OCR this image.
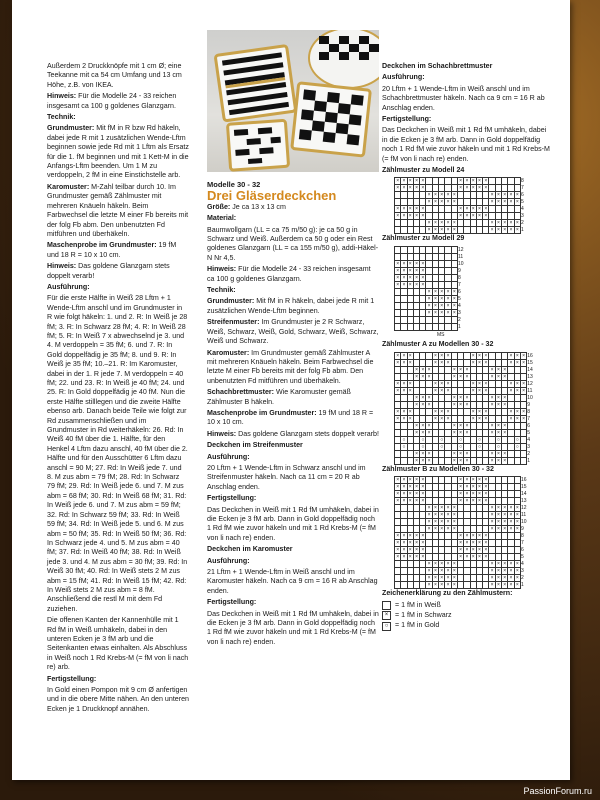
Außerdem 2 Druckknöpfe mit 1 cm Ø; eine Teekanne mit ca 54 cm Umfang und 13 cm Höhe, z.B. von IKEA.

Hinweis: Für die Modelle 24 - 33 reichen insgesamt ca 100 g goldenes Glanzgarn.

Technik:

Grundmuster: Mit fM in R bzw Rd häkeln, dabei jede R mit 1 zusätzlichen Wende-Lftm beginnen sowie jede Rd mit 1 Lftm als Ersatz für die 1. fM beginnen und mit 1 Kett-M in die Anfangs-Lftm beenden. Um 1 M zu verdoppeln, 2 fM in eine Einstichstelle arb.

Karomuster: M-Zahl teilbar durch 10. Im Grundmuster gemäß Zählmuster mit mehreren Knäueln häkeln. Beim Farbwechsel die letzte M einer Fb bereits mit der folg Fb abm. Den unbenutzten Fd mitführen und überhäkeln.

Maschenprobe im Grundmuster: 19 fM und 18 R = 10 x 10 cm.

Hinweis: Das goldene Glanzgarn stets doppelt verarb!

Ausführung:

Für die erste Hälfte in Weiß 28 Lftm + 1 Wende-Lftm anschl und im Grundmuster in R wie folgt häkeln: 1. und 2. R: In Weiß je 28 fM; 3. R: In Schwarz 28 fM; 4. R: In Weiß 28 fM; 5. R: In Weiß 7 x abwechselnd je 3. und 4. M verdoppeln = 35 fM; 6. und 7. R: In Gold doppelfädig je 35 fM; 8. und 9. R: In Weiß je 35 fM; 10.–21. R: Im Karomuster, dabei in der 1. R jede 7. M verdoppeln = 40 fM; 22. und 23. R: In Weiß je 40 fM; 24. und 25. R: In Gold doppelfädig je 40 fM. Nun die erste Hälfte stilllegen und die zweite Hälfte ebenso arb. Danach beide Teile wie folgt zur Rd zusammenschließen und im Grundmuster in Rd weiterhäkeln: 26. Rd: In Weiß 40 fM über die 1. Hälfte, für den Henkel 4 Lftm dazu anschl, 40 fM über die 2. Hälfte und für den Ausschütter 6 Lftm dazu anschl = 90 M; 27. Rd: In Weiß jede 7. und 8. M zus abm = 79 fM; 28. Rd: In Schwarz 79 fM; 29. Rd: In Weiß jede 6. und 7. M zus abm = 68 fM; 30. Rd: In Weiß 68 fM; 31. Rd: In Weiß jede 6. und 7. M zus abm = 59 fM; 32. Rd: In Schwarz 59 fM; 33. Rd: In Weiß 59 fM; 34. Rd: In Weiß jede 5. und 6. M zus abm = 50 fM; 35. Rd: In Weiß 50 fM; 36. Rd: In Schwarz jede 4. und 5. M zus abm = 40 fM; 37. Rd: In Weiß 40 fM; 38. Rd: In Weiß jede 3. und 4. M zus abm = 30 fM; 39. Rd: In Weiß 30 fM; 40. Rd: In Weiß stets 2 M zus abm = 15 fM; 41. Rd: In Weiß 15 fM; 42. Rd: In Weiß stets 2 M zus abm = 8 fM. Anschließend die restl M mit dem Fd zuziehen.

Die offenen Kanten der Kannenhülle mit 1 Rd fM in Weiß umhäkeln, dabei in den unteren Ecken je 3 fM arb und die Seitenkanten etwas einhalten. Als Abschluss in Weiß noch 1 Rd Krebs-M (= fM von li nach re) arb.

Fertigstellung:

In Gold einen Pompon mit 9 cm Ø anfertigen und in die obere Mitte nähen. An den unteren Ecken je 1 Druckknopf annähen.

Modelle 30 - 32

Drei Gläserdeckchen

Größe: Je ca 13 x 13 cm

Material:

Baumwollgarn (LL = ca 75 m/50 g): je ca 50 g in Schwarz und Weiß. Außerdem ca 50 g oder ein Rest goldenes Glanzgarn (LL = ca 155 m/50 g), addi-Häkel-N Nr 4,5.

Hinweis: Für die Modelle 24 - 33 reichen insgesamt ca 100 g goldenes Glanzgarn.

Technik:

Grundmuster: Mit fM in R häkeln, dabei jede R mit 1 zusätzlichen Wende-Lftm beginnen.

Streifenmuster: Im Grundmuster je 2 R Schwarz, Weiß, Schwarz, Weiß, Gold, Schwarz, Weiß, Schwarz, Weiß und Schwarz.

Karomuster: Im Grundmuster gemäß Zählmuster A mit mehreren Knäueln häkeln. Beim Farbwechsel die letzte M einer Fb bereits mit der folg Fb abm. Den unbenutzten Fd mitführen und überhäkeln.

Schachbrettmuster: Wie Karomuster gemäß Zählmuster B häkeln.

Maschenprobe im Grundmuster: 19 fM und 18 R = 10 x 10 cm.

Hinweis: Das goldene Glanzgarn stets doppelt verarb!

Deckchen im Streifenmuster

Ausführung:

20 Lftm + 1 Wende-Lftm in Schwarz anschl und im Streifenmuster häkeln. Nach ca 11 cm = 20 R ab Anschlag enden.

Fertigstellung:

Das Deckchen in Weiß mit 1 Rd fM umhäkeln, dabei in die Ecken je 3 fM arb. Dann in Gold doppelfädig noch 1 Rd fM wie zuvor häkeln und mit 1 Rd Krebs-M (= fM von li nach re) enden.

Deckchen im Karomuster

Ausführung:

21 Lftm + 1 Wende-Lftm in Weiß anschl und im Karomuster häkeln. Nach ca 9 cm = 16 R ab Anschlag enden.

Fertigstellung:

Das Deckchen in Weiß mit 1 Rd fM umhäkeln, dabei in die Ecken je 3 fM arb. Dann in Gold doppelfädig noch 1 Rd fM wie zuvor häkeln und mit 1 Rd Krebs-M (= fM von li nach re) enden.

Deckchen im Schachbrettmuster

Ausführung:

20 Lftm + 1 Wende-Lftm in Weiß anschl und im Schachbrettmuster häkeln. Nach ca 9 cm = 16 R ab Anschlag enden.

Fertigstellung:

Das Deckchen in Weiß mit 1 Rd fM umhäkeln, dabei in die Ecken je 3 fM arb. Dann in Gold doppelfädig noch 1 Rd fM wie zuvor häkeln und mit 1 Rd Krebs-M (= fM von li nach re) enden.

Zählmuster zu Modell 24

×	×	×	×	×						×	×	×	×	×						8
×	×	×	×	×						×	×	×	×	×						7
					×	×	×	×	×						×	×	×	×	×	6
					×	×	×	×	×						×	×	×	×	×	5
×	×	×	×	×						×	×	×	×	×						4
×	×	×	×	×						×	×	×	×	×						3
					×	×	×	×	×						×	×	×	×	×	2
					×	×	×	×	×						×	×	×	×	×	1

Zählmuster zu Modell 29

										12
										11
×	×	×	×	×						10
×	×	×	×	×						9
×	×	×	×	×						8
×	×	×	×	×						7
					×	×	×	×	×	6
					×	×	×	×	×	5
					×	×	×	×	×	4
					×	×	×	×	×	3
										2
										1
MS

Zählmuster A zu Modellen 30 - 32

×	×	×				×	×	×				×	×	×				×	×	×	16
×	×	×				×	×	×				×	×	×				×	×	×	15
			×	×	×				×	×	×				×	×	×				14
			×	×	×				×	×	×				×	×	×				13
×	×	×				×	×	×				×	×	×				×	×	×	12
×	×	×				×	×	×				×	×	×				×	×	×	11
			×	×	×				×	×	×				×	×	×				10
			×	×	×				×	×	×				×	×	×				9
×	×	×				×	×	×				×	×	×				×	×	×	8
×	×	×				×	×	×				×	×	×				×	×	×	7
			×	×	×				×	×	×				×	×	×				6
			×	×	×				×	×	×				×	×	×				5
	○			○			○			○			○			○			○		4
	○			○			○			○			○			○			○		3
			×	×	×				×	×	×				×	×	×				2
			×	×	×				×	×	×				×	×	×				1

Zählmuster B zu Modellen 30 - 32

×	×	×	×	×						×	×	×	×	×						16
×	×	×	×	×						×	×	×	×	×						15
×	×	×	×	×						×	×	×	×	×						14
×	×	×	×	×						×	×	×	×	×						13
					×	×	×	×	×						×	×	×	×	×	12
					×	×	×	×	×						×	×	×	×	×	11
					×	×	×	×	×						×	×	×	×	×	10
					×	×	×	×	×						×	×	×	×	×	9
×	×	×	×	×						×	×	×	×	×						8
×	×	×	×	×						×	×	×	×	×						7
×	×	×	×	×						×	×	×	×	×						6
×	×	×	×	×						×	×	×	×	×						5
					×	×	×	×	×						×	×	×	×	×	4
					×	×	×	×	×						×	×	×	×	×	3
					×	×	×	×	×						×	×	×	×	×	2
					×	×	×	×	×						×	×	×	×	×	1

Zeichenerklärung zu den Zählmustern:

= 1 fM in Weiß
× = 1 fM in Schwarz
○ = 1 fM in Gold
39
PassionForum.ru
